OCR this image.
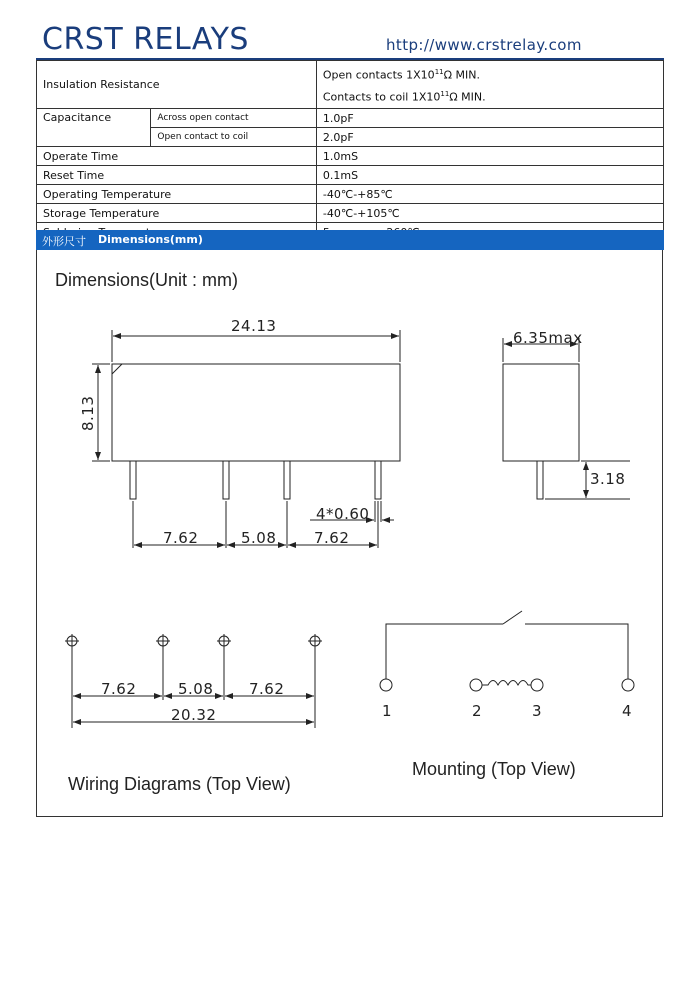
CRST RELAYS	http://www.crstrelay.com
Insulation Resistance		Open contacts $1X10^{11}\Omega$ MIN.
Contacts to coil $1X10^{11}\Omega$ MIN.
Capacitance	Across open contact	1.0pF
	Open contact to coil	2.0pF
Operate Time		1.0mS
Reset Time		0.1mS
Operating Temperature		-40℃-+85℃
Storage Temperature		-40℃-+105℃

外形尺寸 Dimensions(mm)
Dimensions(Unit : mm)
24.13
8.13
4*0.60
7.62	5.08	7.62
6.35max
3.18
7.62	5.08 7.62
20.32
Wiring Diagrams (Top View)
1	2	3	4
Mounting (Top View)
